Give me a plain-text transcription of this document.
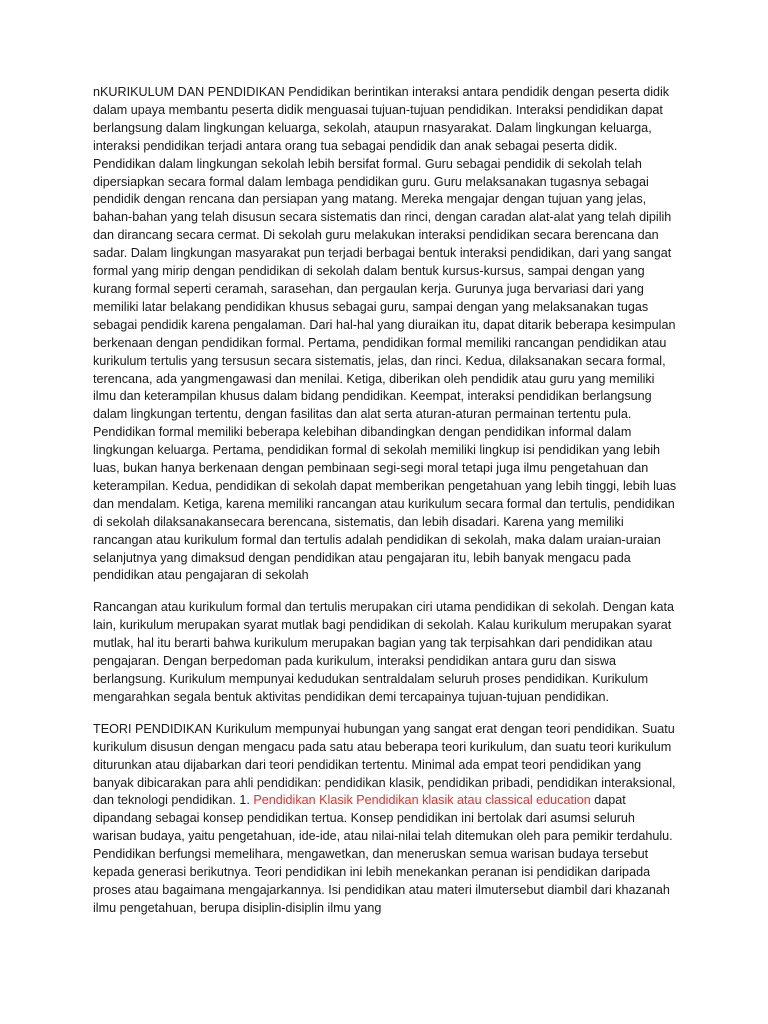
nKURIKULUM DAN PENDIDIKAN Pendidikan berintikan interaksi antara pendidik dengan peserta didik dalam upaya membantu peserta didik menguasai tujuan-tujuan pendidikan. Interaksi pendidikan dapat berlangsung dalam lingkungan keluarga, sekolah, ataupun rnasyarakat. Dalam lingkungan keluarga, interaksi pendidikan terjadi antara orang tua sebagai pendidik dan anak sebagai peserta didik. Pendidikan dalam lingkungan sekolah lebih bersifat formal. Guru sebagai pendidik di sekolah telah dipersiapkan secara formal dalam lembaga pendidikan guru. Guru melaksanakan tugasnya sebagai pendidik dengan rencana dan persiapan yang matang. Mereka mengajar dengan tujuan yang jelas, bahan-bahan yang telah disusun secara sistematis dan rinci, dengan caradan alat-alat yang telah dipilih dan dirancang secara cermat. Di sekolah guru melakukan interaksi pendidikan secara berencana dan sadar. Dalam lingkungan masyarakat pun terjadi berbagai bentuk interaksi pendidikan, dari yang sangat formal yang mirip dengan pendidikan di sekolah dalam bentuk kursus-kursus, sampai dengan yang kurang formal seperti ceramah, sarasehan, dan pergaulan kerja. Gurunya juga bervariasi dari yang memiliki latar belakang pendidikan khusus sebagai guru, sampai dengan yang melaksanakan tugas sebagai pendidik karena pengalaman. Dari hal-hal yang diuraikan itu, dapat ditarik beberapa kesimpulan berkenaan dengan pendidikan formal. Pertama, pendidikan formal memiliki rancangan pendidikan atau kurikulum tertulis yang tersusun secara sistematis, jelas, dan rinci. Kedua, dilaksanakan secara formal, terencana, ada yangmengawasi dan menilai. Ketiga, diberikan oleh pendidik atau guru yang memiliki ilmu dan keterampilan khusus dalam bidang pendidikan. Keempat, interaksi pendidikan berlangsung dalam lingkungan tertentu, dengan fasilitas dan alat serta aturan-aturan permainan tertentu pula. Pendidikan formal memiliki beberapa kelebihan dibandingkan dengan pendidikan informal dalam lingkungan keluarga. Pertama, pendidikan formal di sekolah memiliki lingkup isi pendidikan yang lebih luas, bukan hanya berkenaan dengan pembinaan segi-segi moral tetapi juga ilmu pengetahuan dan keterampilan. Kedua, pendidikan di sekolah dapat memberikan pengetahuan yang lebih tinggi, lebih luas dan mendalam. Ketiga, karena memiliki rancangan atau kurikulum secara formal dan tertulis, pendidikan di sekolah dilaksanakansecara berencana, sistematis, dan lebih disadari. Karena yang memiliki rancangan atau kurikulum formal dan tertulis adalah pendidikan di sekolah, maka dalam uraian-uraian selanjutnya yang dimaksud dengan pendidikan atau pengajaran itu, lebih banyak mengacu pada pendidikan atau pengajaran di sekolah

Rancangan atau kurikulum formal dan tertulis merupakan ciri utama pendidikan di sekolah. Dengan kata lain, kurikulum merupakan syarat mutlak bagi pendidikan di sekolah. Kalau kurikulum merupakan syarat mutlak, hal itu berarti bahwa kurikulum merupakan bagian yang tak terpisahkan dari pendidikan atau pengajaran. Dengan berpedoman pada kurikulum, interaksi pendidikan antara guru dan siswa berlangsung. Kurikulum mempunyai kedudukan sentraldalam seluruh proses pendidikan. Kurikulum mengarahkan segala bentuk aktivitas pendidikan demi tercapainya tujuan-tujuan pendidikan.

TEORI PENDIDIKAN Kurikulum mempunyai hubungan yang sangat erat dengan teori pendidikan. Suatu kurikulum disusun dengan mengacu pada satu atau beberapa teori kurikulum, dan suatu teori kurikulum diturunkan atau dijabarkan dari teori pendidikan tertentu. Minimal ada empat teori pendidikan yang banyak dibicarakan para ahli pendidikan: pendidikan klasik, pendidikan pribadi, pendidikan interaksional, dan teknologi pendidikan. 1. Pendidikan Klasik Pendidikan klasik atau classical education dapat dipandang sebagai konsep pendidikan tertua. Konsep pendidikan ini bertolak dari asumsi seluruh warisan budaya, yaitu pengetahuan, ide-ide, atau nilai-nilai telah ditemukan oleh para pemikir terdahulu. Pendidikan berfungsi memelihara, mengawetkan, dan meneruskan semua warisan budaya tersebut kepada generasi berikutnya. Teori pendidikan ini lebih menekankan peranan isi pendidikan daripada proses atau bagaimana mengajarkannya. Isi pendidikan atau materi ilmutersebut diambil dari khazanah ilmu pengetahuan, berupa disiplin-disiplin ilmu yang
